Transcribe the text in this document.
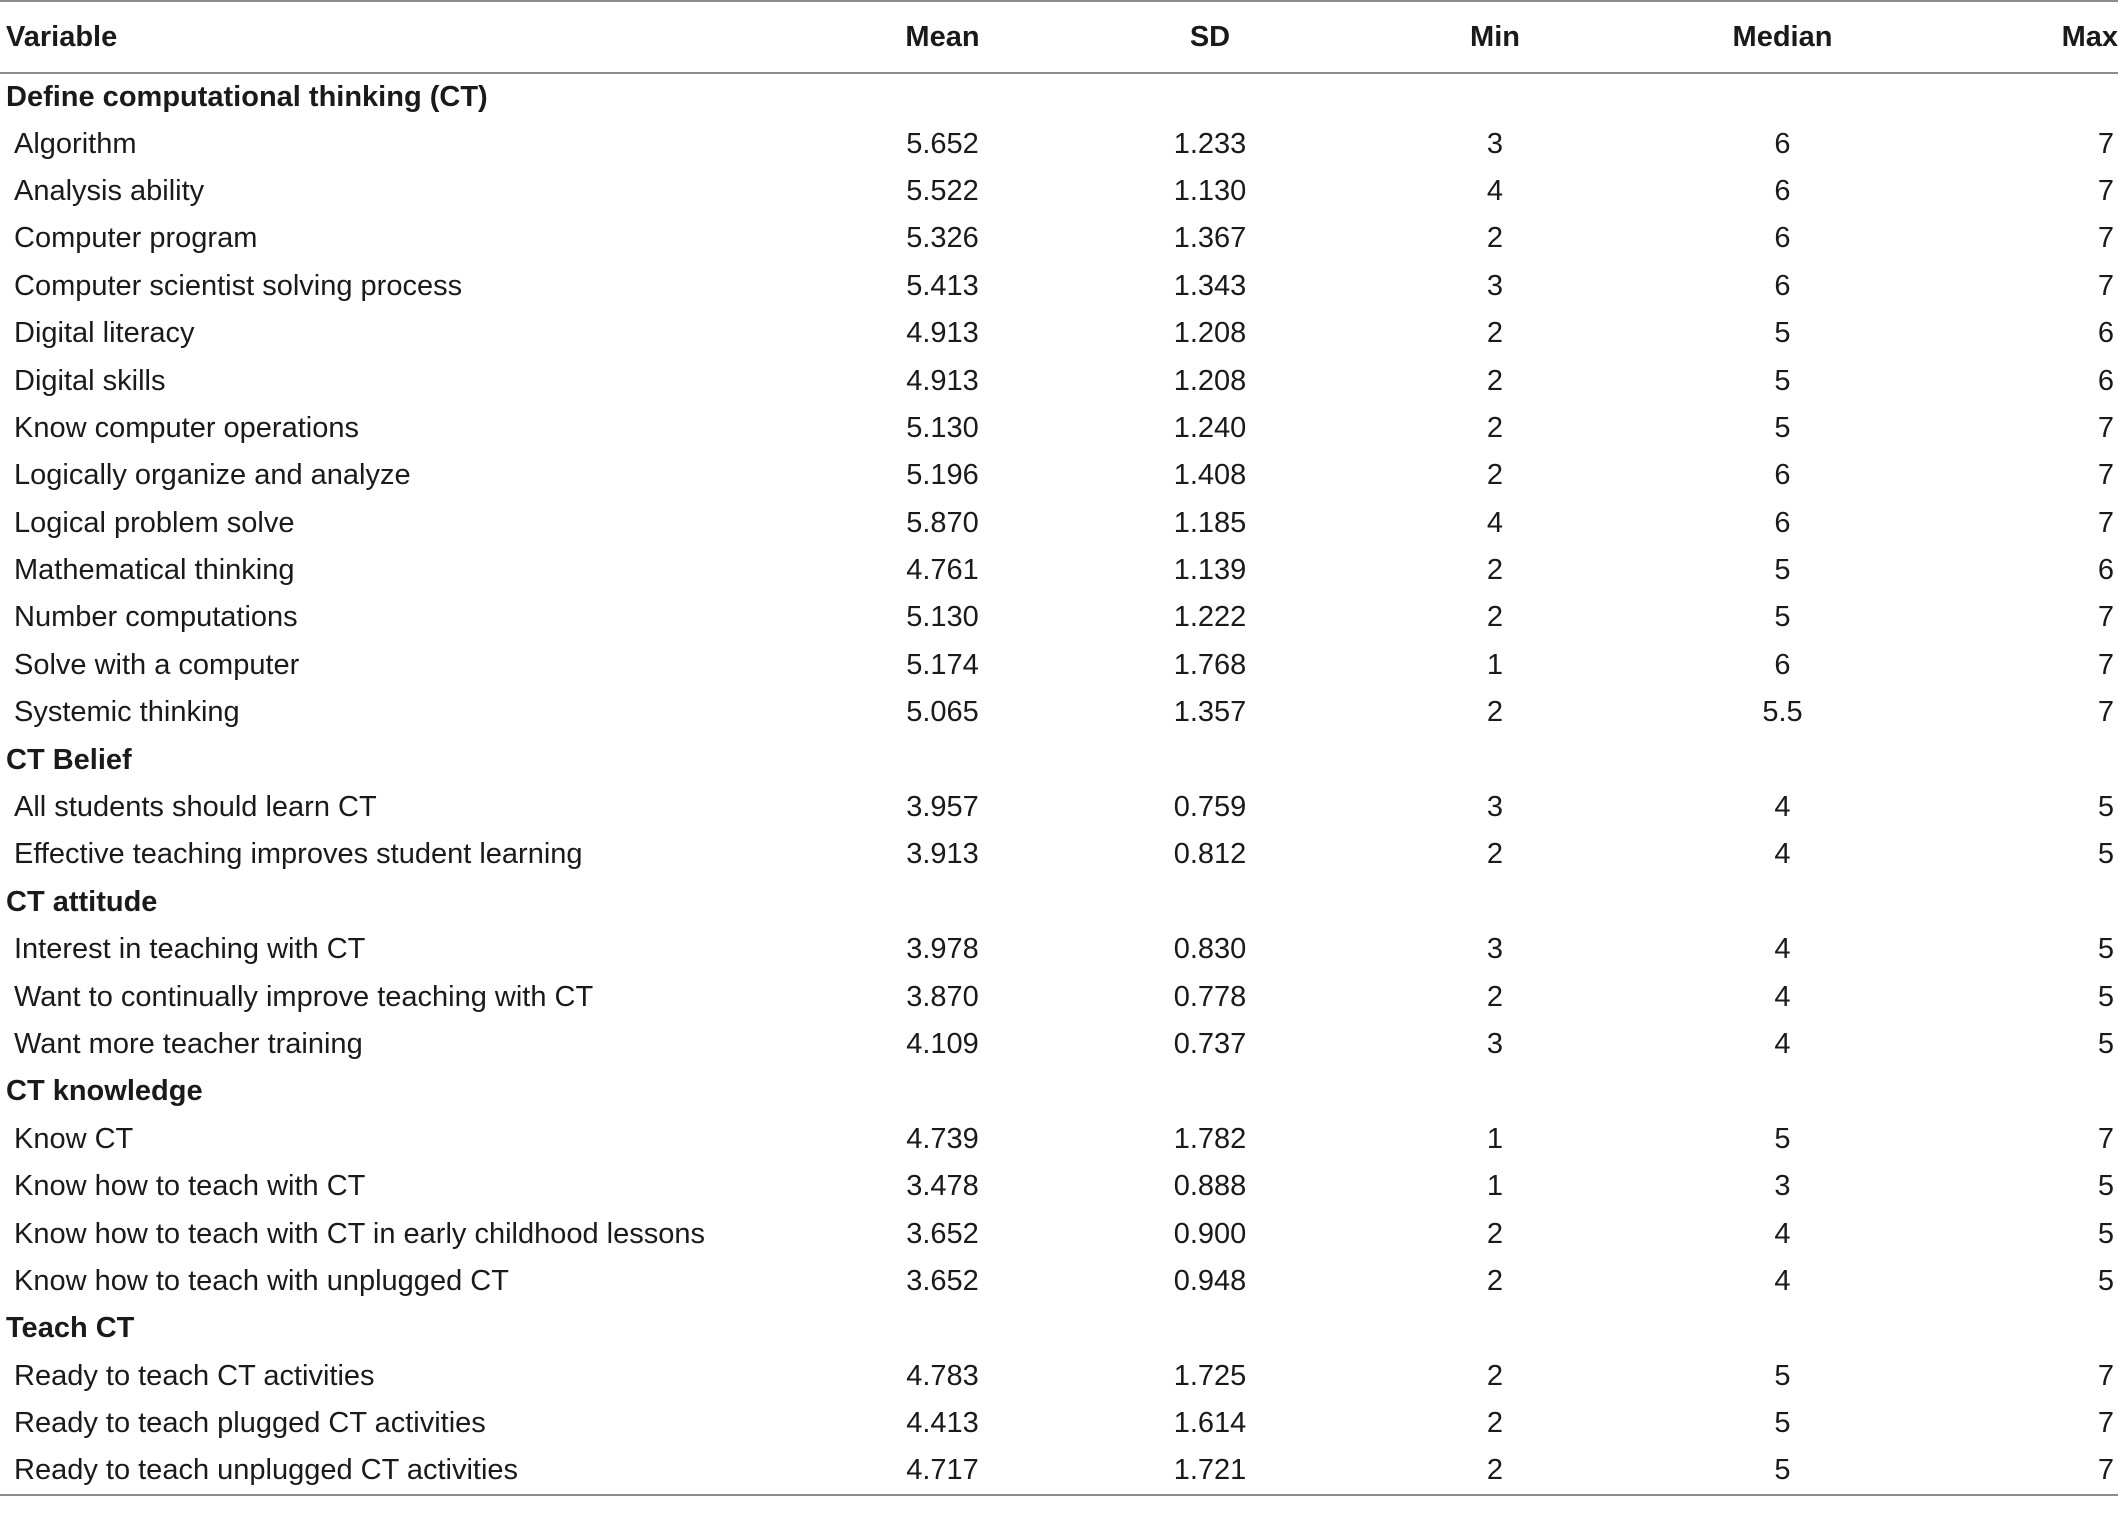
Variable	Mean	SD	Min	Median	Max
Define computational thinking (CT)					
Algorithm	5.652	1.233	3	6	7
Analysis ability	5.522	1.130	4	6	7
Computer program	5.326	1.367	2	6	7
Computer scientist solving process	5.413	1.343	3	6	7
Digital literacy	4.913	1.208	2	5	6
Digital skills	4.913	1.208	2	5	6
Know computer operations	5.130	1.240	2	5	7
Logically organize and analyze	5.196	1.408	2	6	7
Logical problem solve	5.870	1.185	4	6	7
Mathematical thinking	4.761	1.139	2	5	6
Number computations	5.130	1.222	2	5	7
Solve with a computer	5.174	1.768	1	6	7
Systemic thinking	5.065	1.357	2	5.5	7
CT Belief					
All students should learn CT	3.957	0.759	3	4	5
Effective teaching improves student learning	3.913	0.812	2	4	5
CT attitude					
Interest in teaching with CT	3.978	0.830	3	4	5
Want to continually improve teaching with CT	3.870	0.778	2	4	5
Want more teacher training	4.109	0.737	3	4	5
CT knowledge					
Know CT	4.739	1.782	1	5	7
Know how to teach with CT	3.478	0.888	1	3	5
Know how to teach with CT in early childhood lessons	3.652	0.900	2	4	5
Know how to teach with unplugged CT	3.652	0.948	2	4	5
Teach CT					
Ready to teach CT activities	4.783	1.725	2	5	7
Ready to teach plugged CT activities	4.413	1.614	2	5	7
Ready to teach unplugged CT activities	4.717	1.721	2	5	7
